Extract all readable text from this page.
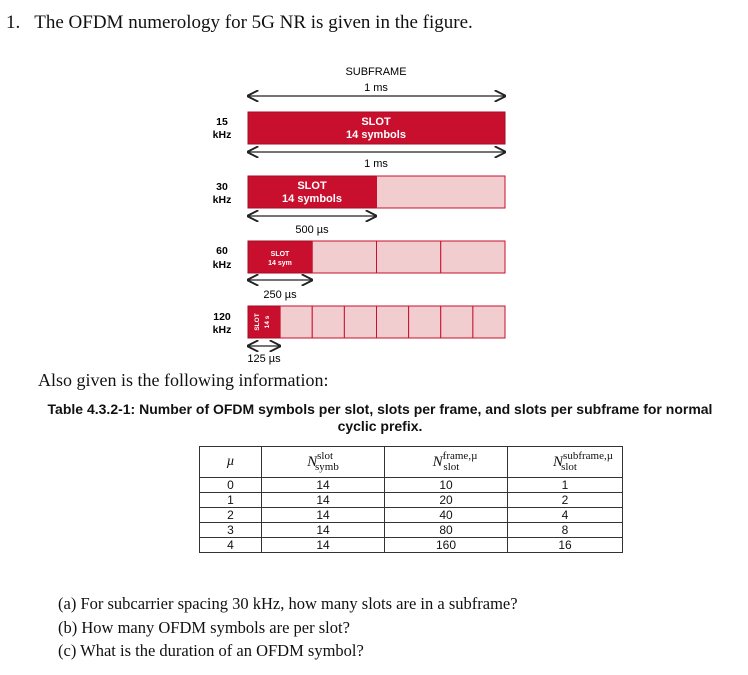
1. The OFDM numerology for 5G NR is given in the figure.
SUBFRAME
1 ms
15
kHz
SLOT
14 symbols
1 ms
30
kHz
SLOT
14 symbols
500 µs
60
kHz
SLOT
14 sym
250 µs
120
kHz	SLOT 14 s
125 µs
Also given is the following information:
Table 4.3.2-1: Number of OFDM symbols per slot, slots per frame, and slots per subframe for normal
cyclic prefix.
µ	Nslotsymb	Nframe,µslot	Nsubframe,µslot
0	14	10	1
1	14	20	2
2	14	40	4
3	14	80	8
4	14	160	16
(a) For subcarrier spacing 30 kHz, how many slots are in a subframe?
(b) How many OFDM symbols are per slot?
(c) What is the duration of an OFDM symbol?
